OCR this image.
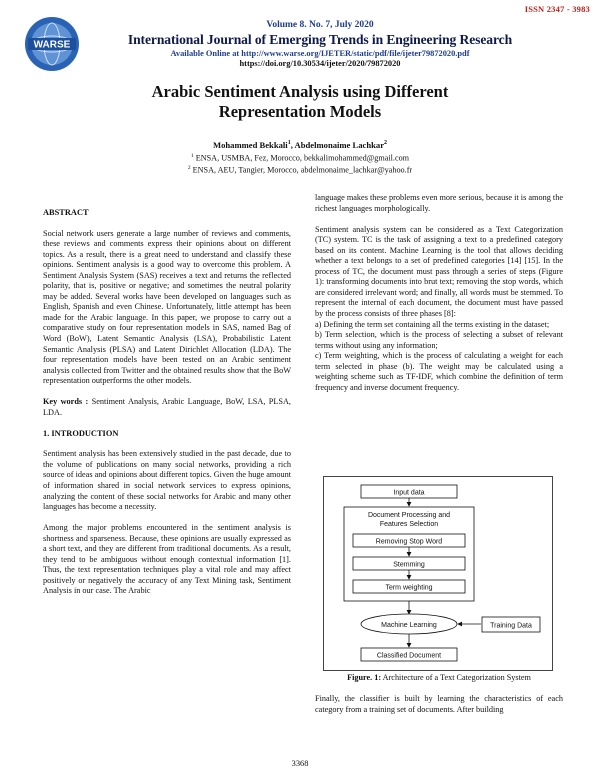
ISSN 2347 - 3983
WARSE
Volume 8. No. 7, July 2020
International Journal of Emerging Trends in Engineering Research
Available Online at http://www.warse.org/IJETER/static/pdf/file/ijeter79872020.pdf
https://doi.org/10.30534/ijeter/2020/79872020
Arabic Sentiment Analysis using Different
Representation Models
Mohammed Bekkali$^1$, Abdelmonaime Lachkar$^2$
$^1$ ENSA, USMBA, Fez, Morocco, bekkalimohammed@gmail.com
$^2$ ENSA, AEU, Tangier, Morocco, abdelmonaime_lachkar@yahoo.fr
ABSTRACT

Social network users generate a large number of reviews and comments, these reviews and comments express their opinions about on different topics. As a result, there is a great need to understand and classify these opinions. Sentiment analysis is a good way to overcome this problem. A Sentiment Analysis System (SAS) receives a text and returns the reflected polarity, that is, positive or negative; and sometimes the neutral polarity may be added. Several works have been developed on languages such as English, Spanish and even Chinese. Unfortunately, little attempt has been made for the Arabic language. In this paper, we propose to carry out a comparative study on four representation models in SAS, named Bag of Word (BoW), Latent Semantic Analysis (LSA), Probabilistic Latent Semantic Analysis (PLSA) and Latent Dirichlet Allocation (LDA). The four representation models have been tested on an Arabic sentiment analysis collected from Twitter and the obtained results show that the BoW representation outperforms the other models.

Key words : Sentiment Analysis, Arabic Language, BoW, LSA, PLSA, LDA.

1. INTRODUCTION

Sentiment analysis has been extensively studied in the past decade, due to the volume of publications on many social networks, providing a rich source of ideas and opinions about different topics. Given the huge amount of information shared in social network services to express opinions, analyzing the content of these social networks for Arabic and many other languages has become a necessity.

Among the major problems encountered in the sentiment analysis is shortness and sparseness. Because, these opinions are usually expressed as a short text, and they are different from traditional documents. As a result, they tend to be ambiguous without enough contextual information [1]. Thus, the text representation techniques play a vital role and may affect positively or negatively the accuracy of any Text Mining task, Sentiment Analysis in our case. The Arabic

language makes these problems even more serious, because it is among the richest languages morphologically.

Sentiment analysis system can be considered as a Text Categorization (TC) system. TC is the task of assigning a text to a predefined category based on its content. Machine Learning is the tool that allows deciding whether a text belongs to a set of predefined categories [14] [15]. In the process of TC, the document must pass through a series of steps (Figure 1): transforming documents into brut text; removing the stop words, which are considered irrelevant word; and finally, all words must be stemmed. To represent the internal of each document, the document must have passed by the process consists of three phases [8]:

a) Defining the term set containing all the terms existing in the dataset;

b) Term selection, which is the process of selecting a subset of relevant terms without using any information;

c) Term weighting, which is the process of calculating a weight for each term selected in phase (b). The weight may be calculated using a weighting scheme such as TF-IDF, which combine the definition of term frequency and inverse document frequency.

Input data
Document Processing and
Features Selection
Removing Stop Word
Stemming
Term weighting
Machine Learning	Training Data
Classified Document
Figure. 1: Architecture of a Text Categorization System
Finally, the classifier is built by learning the characteristics of each category from a training set of documents. After building
3368
